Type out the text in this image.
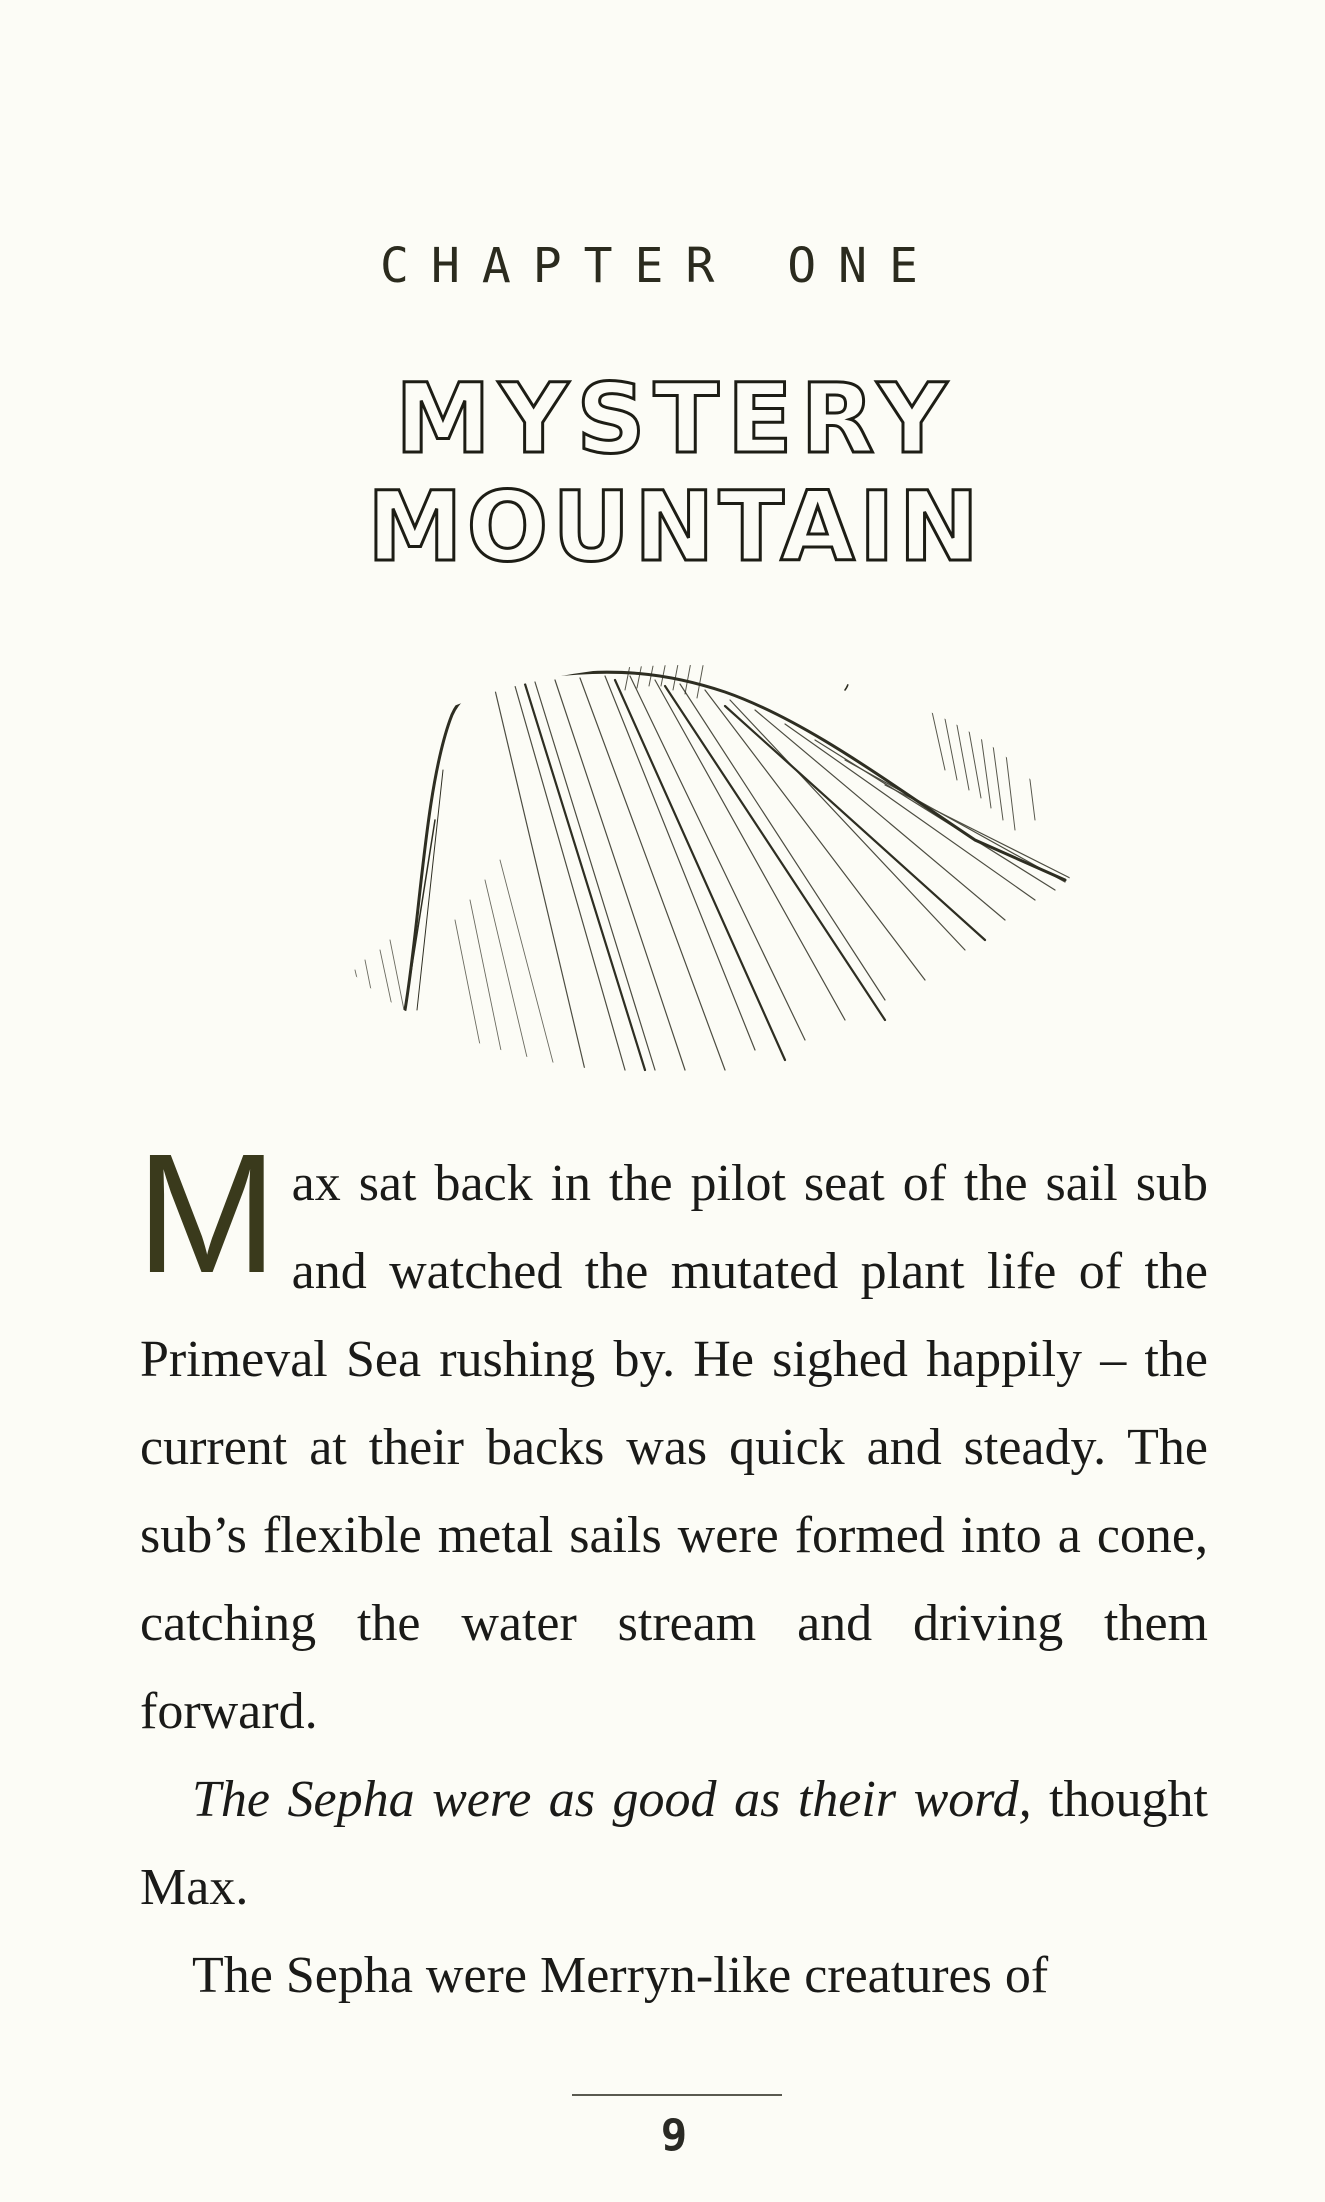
CHAPTER ONE
MYSTERY
MOUNTAIN

Max sat back in the pilot seat of the sail sub and watched the mutated plant life of the Primeval Sea rushing by. He sighed happily – the current at their backs was quick and steady. The sub’s flexible metal sails were formed into a cone, catching the water stream and driving them forward.

The Sepha were as good as their word, thought Max.

The Sepha were Merryn-like creatures of

9
